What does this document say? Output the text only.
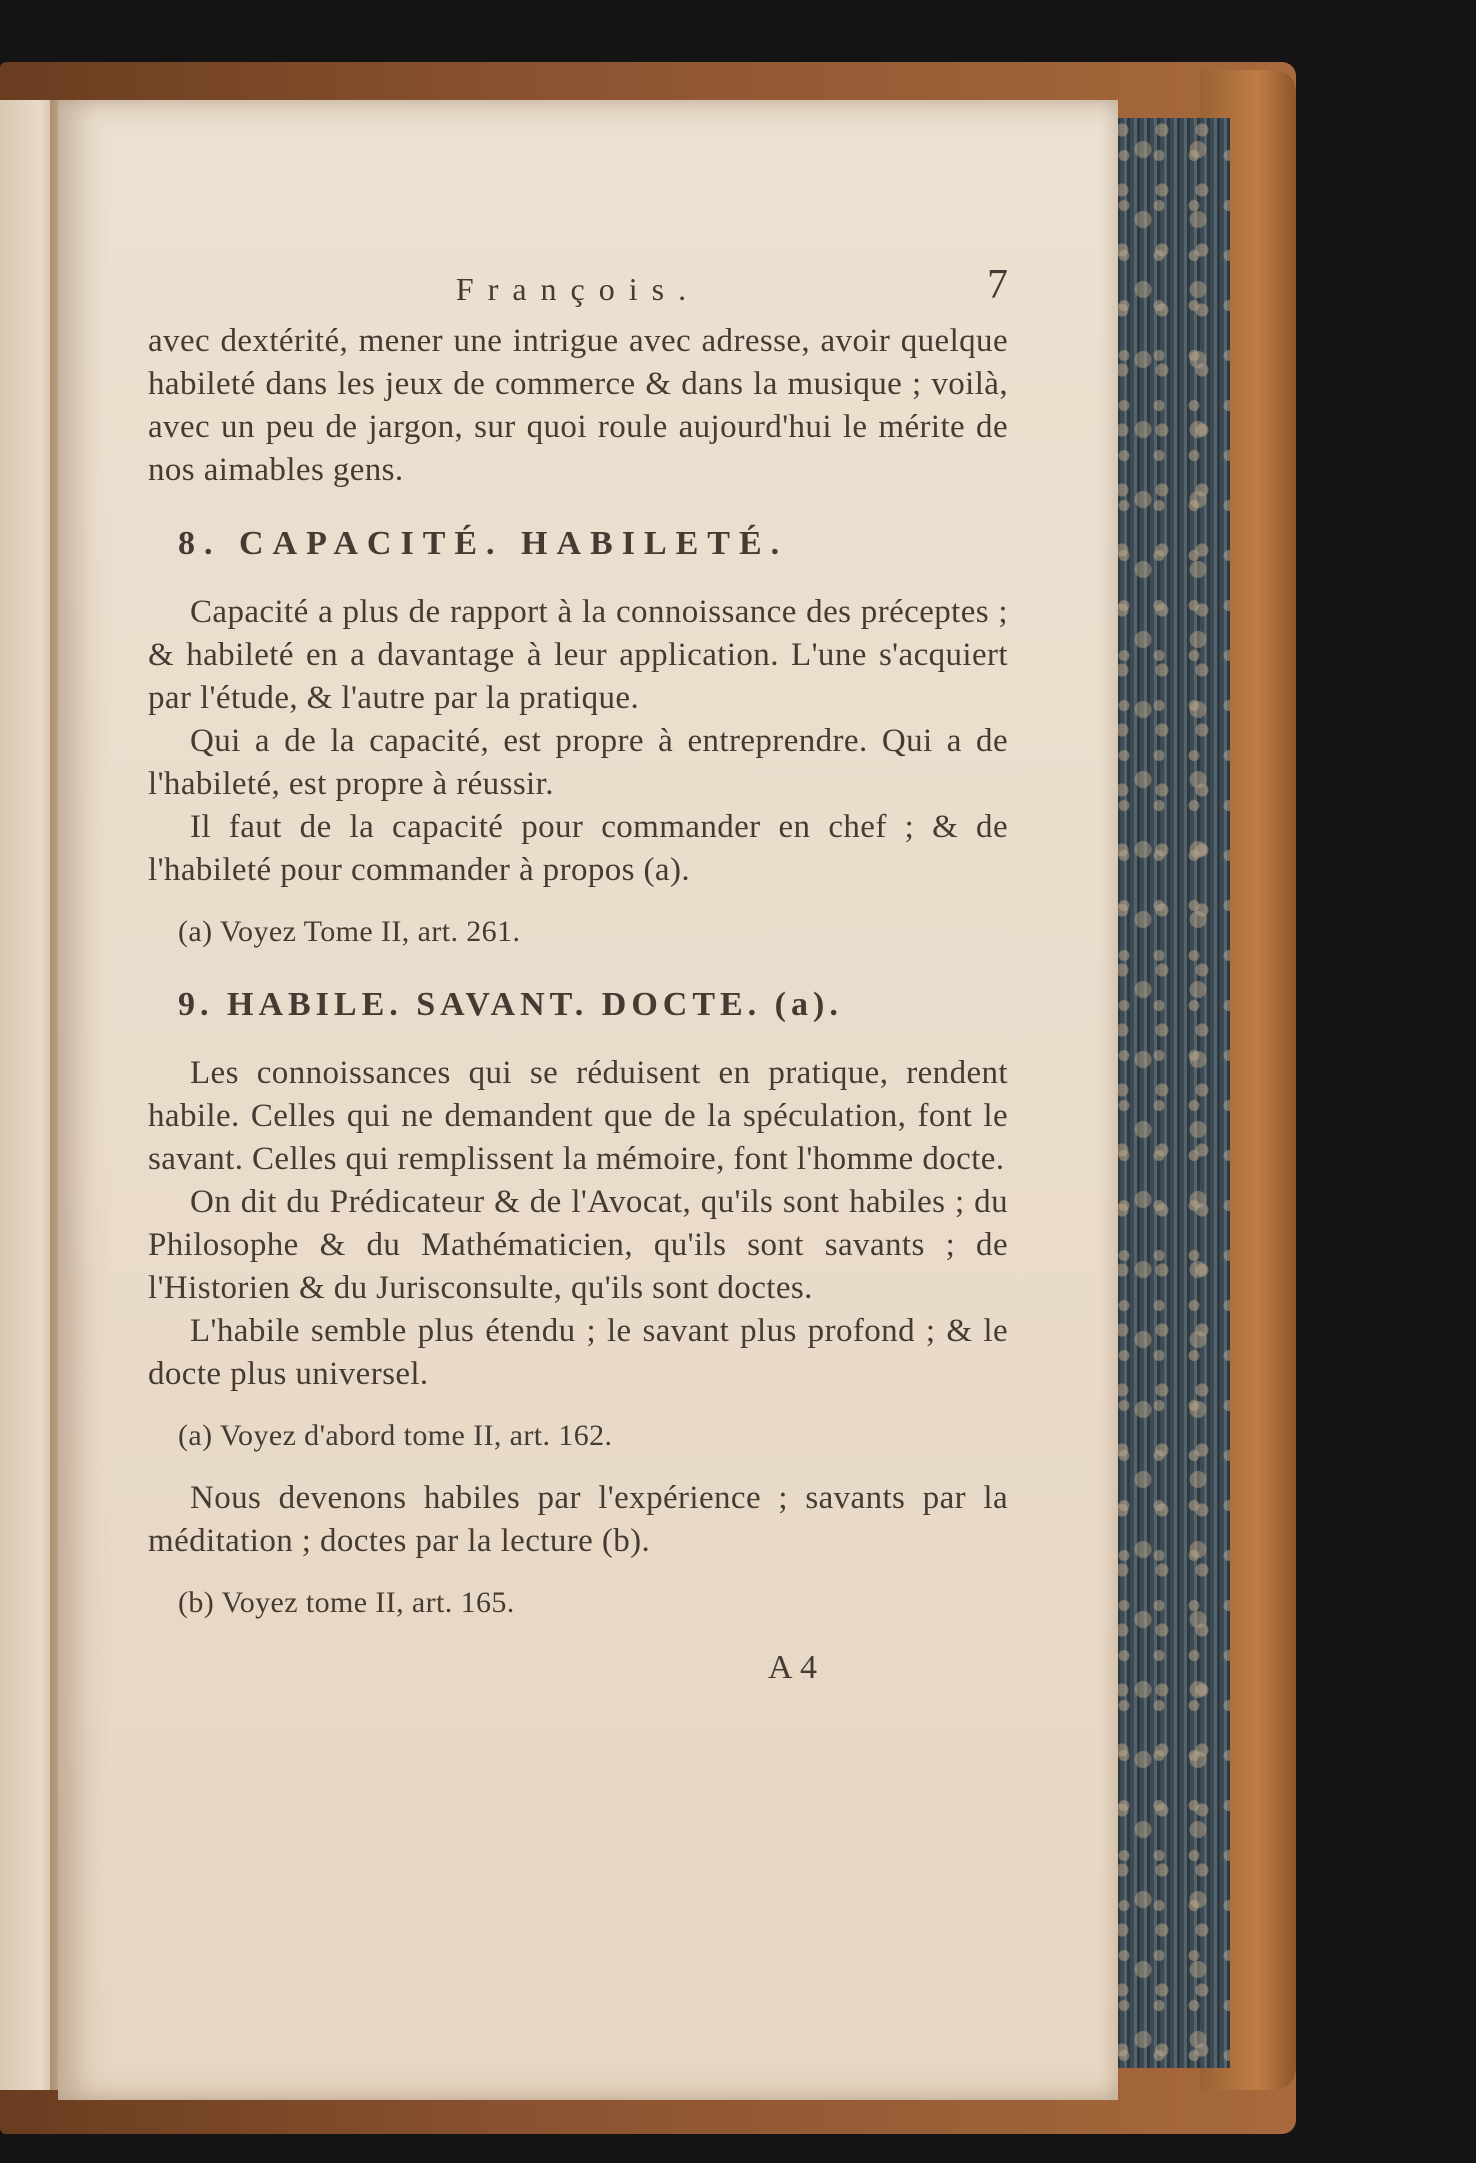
François.	7

avec dextérité, mener une intrigue avec adresse, avoir quelque habileté dans les jeux de commerce & dans la musique ; voilà, avec un peu de jargon, sur quoi roule aujourd'hui le mérite de nos aimables gens.

8. CAPACITÉ. HABILETÉ.

Capacité a plus de rapport à la connoissance des préceptes ; & habileté en a davantage à leur application. L'une s'acquiert par l'étude, & l'autre par la pratique.

Qui a de la capacité, est propre à entreprendre. Qui a de l'habileté, est propre à réussir.

Il faut de la capacité pour commander en chef ; & de l'habileté pour commander à propos (a).

(a) Voyez Tome II, art. 261.

9. HABILE. SAVANT. DOCTE. (a).

Les connoissances qui se réduisent en pratique, rendent habile. Celles qui ne demandent que de la spéculation, font le savant. Celles qui remplissent la mémoire, font l'homme docte.

On dit du Prédicateur & de l'Avocat, qu'ils sont habiles ; du Philosophe & du Mathématicien, qu'ils sont savants ; de l'Historien & du Jurisconsulte, qu'ils sont doctes.

L'habile semble plus étendu ; le savant plus profond ; & le docte plus universel.

(a) Voyez d'abord tome II, art. 162.

Nous devenons habiles par l'expérience ; savants par la méditation ; doctes par la lecture (b).

(b) Voyez tome II, art. 165.

A 4
